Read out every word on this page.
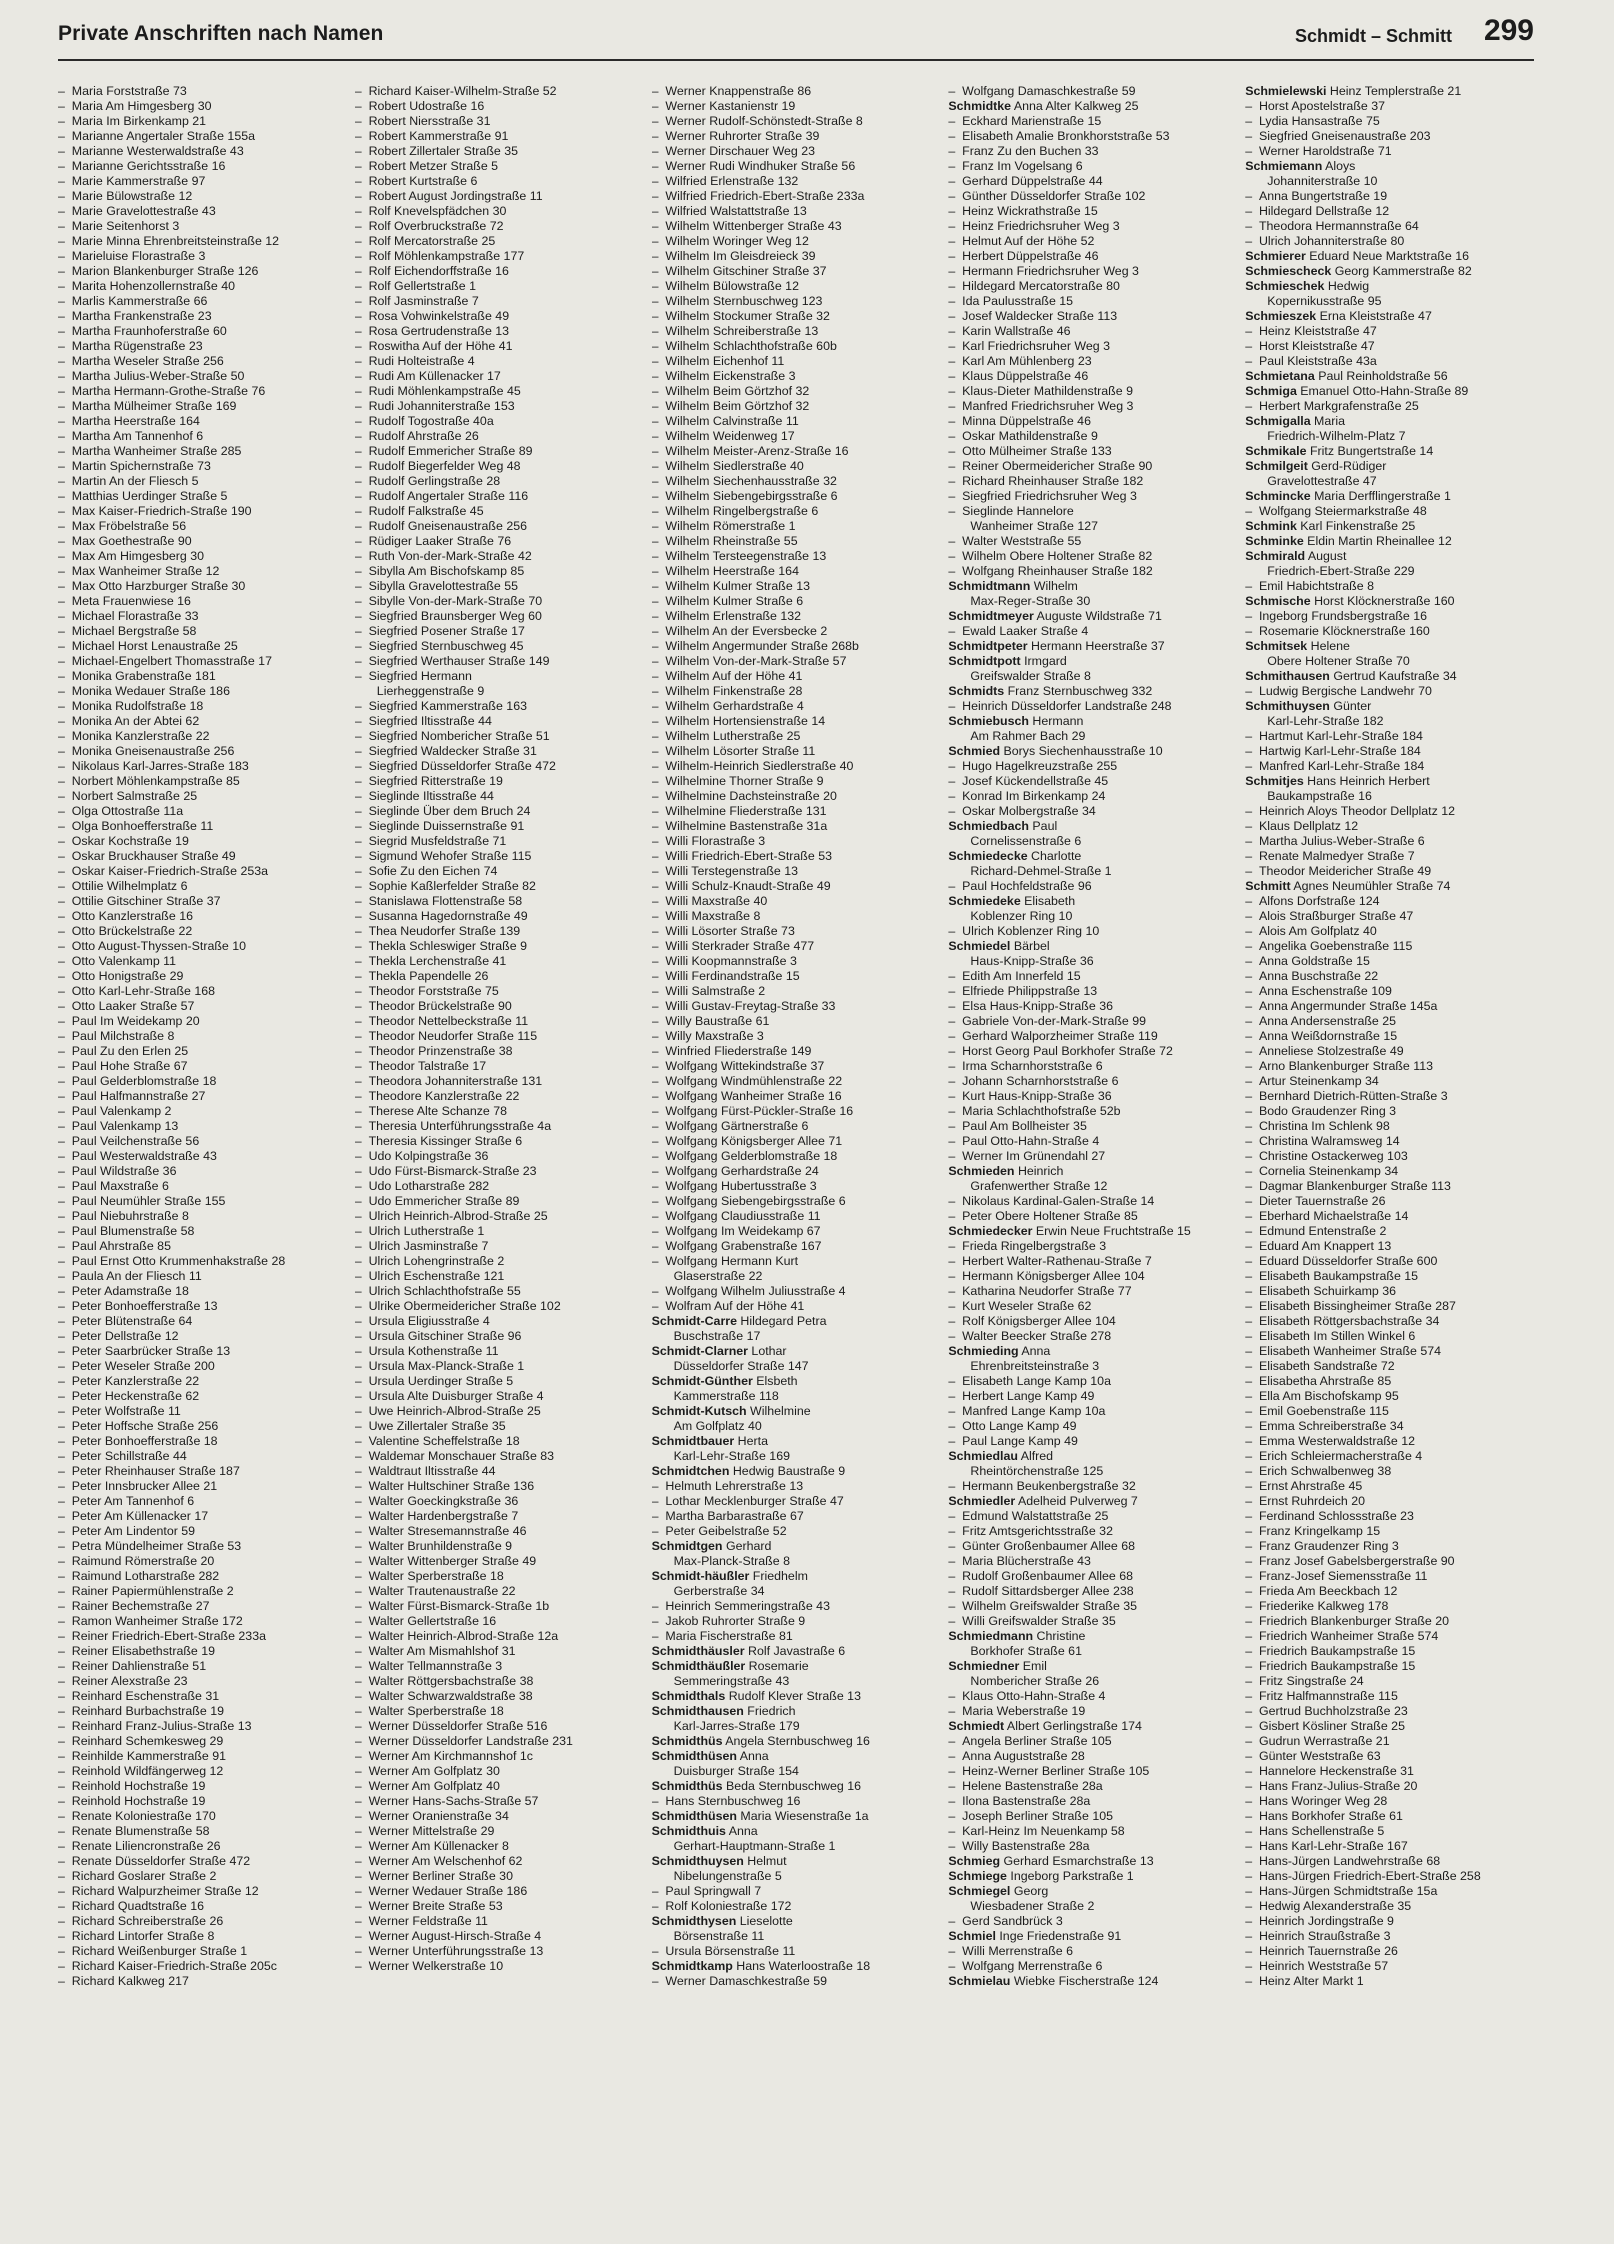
Private Anschriften nach Namen	Schmidt – Schmitt 299
–  Maria Forststraße 73
–  Maria Am Himgesberg 30
–  Maria Im Birkenkamp 21
–  Marianne Angertaler Straße 155a
–  Marianne Westerwaldstraße 43
–  Marianne Gerichtsstraße 16
–  Marie Kammerstraße 97
–  Marie Bülowstraße 12
–  Marie Gravelottestraße 43
–  Marie Seitenhorst 3
–  Marie Minna Ehrenbreitsteinstraße 12
–  Marieluise Florastraße 3
–  Marion Blankenburger Straße 126
–  Marita Hohenzollernstraße 40
–  Marlis Kammerstraße 66
–  Martha Frankenstraße 23
–  Martha Fraunhoferstraße 60
–  Martha Rügenstraße 23
–  Martha Weseler Straße 256
–  Martha Julius-Weber-Straße 50
–  Martha Hermann-Grothe-Straße 76
–  Martha Mülheimer Straße 169
–  Martha Heerstraße 164
–  Martha Am Tannenhof 6
–  Martha Wanheimer Straße 285
–  Martin Spichernstraße 73
–  Martin An der Fliesch 5
–  Matthias Uerdinger Straße 5
–  Max Kaiser-Friedrich-Straße 190
–  Max Fröbelstraße 56
–  Max Goethestraße 90
–  Max Am Himgesberg 30
–  Max Wanheimer Straße 12
–  Max Otto Harzburger Straße 30
–  Meta Frauenwiese 16
–  Michael Florastraße 33
–  Michael Bergstraße 58
–  Michael Horst Lenaustraße 25
–  Michael-Engelbert Thomasstraße 17
–  Monika Grabenstraße 181
–  Monika Wedauer Straße 186
–  Monika Rudolfstraße 18
–  Monika An der Abtei 62
–  Monika Kanzlerstraße 22
–  Monika Gneisenaustraße 256
–  Nikolaus Karl-Jarres-Straße 183
–  Norbert Möhlenkampstraße 85
–  Norbert Salmstraße 25
–  Olga Ottostraße 11a
–  Olga Bonhoefferstraße 11
–  Oskar Kochstraße 19
–  Oskar Bruckhauser Straße 49
–  Oskar Kaiser-Friedrich-Straße 253a
–  Ottilie Wilhelmplatz 6
–  Ottilie Gitschiner Straße 37
–  Otto Kanzlerstraße 16
–  Otto Brückelstraße 22
–  Otto August-Thyssen-Straße 10
–  Otto Valenkamp 11
–  Otto Honigstraße 29
–  Otto Karl-Lehr-Straße 168
–  Otto Laaker Straße 57
–  Paul Im Weidekamp 20
–  Paul Milchstraße 8
–  Paul Zu den Erlen 25
–  Paul Hohe Straße 67
–  Paul Gelderblomstraße 18
–  Paul Halfmannstraße 27
–  Paul Valenkamp 2
–  Paul Valenkamp 13
–  Paul Veilchenstraße 56
–  Paul Westerwaldstraße 43
–  Paul Wildstraße 36
–  Paul Maxstraße 6
–  Paul Neumühler Straße 155
–  Paul Niebuhrstraße 8
–  Paul Blumenstraße 58
–  Paul Ahrstraße 85
–  Paul Ernst Otto Krummenhakstraße 28
–  Paula An der Fliesch 11
–  Peter Adamstraße 18
–  Peter Bonhoefferstraße 13
–  Peter Blütenstraße 64
–  Peter Dellstraße 12
–  Peter Saarbrücker Straße 13
–  Peter Weseler Straße 200
–  Peter Kanzlerstraße 22
–  Peter Heckenstraße 62
–  Peter Wolfstraße 11
–  Peter Hoffsche Straße 256
–  Peter Bonhoefferstraße 18
–  Peter Schillstraße 44
–  Peter Rheinhauser Straße 187
–  Peter Innsbrucker Allee 21
–  Peter Am Tannenhof 6
–  Peter Am Küllenacker 17
–  Peter Am Lindentor 59
–  Petra Mündelheimer Straße 53
–  Raimund Römerstraße 20
–  Raimund Lotharstraße 282
–  Rainer Papiermühlenstraße 2
–  Rainer Bechemstraße 27
–  Ramon Wanheimer Straße 172
–  Reiner Friedrich-Ebert-Straße 233a
–  Reiner Elisabethstraße 19
–  Reiner Dahlienstraße 51
–  Reiner Alexstraße 23
–  Reinhard Eschenstraße 31
–  Reinhard Burbachstraße 19
–  Reinhard Franz-Julius-Straße 13
–  Reinhard Schemkesweg 29
–  Reinhilde Kammerstraße 91
–  Reinhold Wildfängerweg 12
–  Reinhold Hochstraße 19
–  Reinhold Hochstraße 19
–  Renate Koloniestraße 170
–  Renate Blumenstraße 58
–  Renate Liliencronstraße 26
–  Renate Düsseldorfer Straße 472
–  Richard Goslarer Straße 2
–  Richard Walpurzheimer Straße 12
–  Richard Quadtstraße 16
–  Richard Schreiberstraße 26
–  Richard Lintorfer Straße 8
–  Richard Weißenburger Straße 1
–  Richard Kaiser-Friedrich-Straße 205c
–  Richard Kalkweg 217
–  Richard Kaiser-Wilhelm-Straße 52
–  Robert Udostraße 16
–  Robert Niersstraße 31
–  Robert Kammerstraße 91
–  Robert Zillertaler Straße 35
–  Robert Metzer Straße 5
–  Robert Kurtstraße 6
–  Robert August Jordingstraße 11
–  Rolf Knevelspfädchen 30
–  Rolf Overbruckstraße 72
–  Rolf Mercatorstraße 25
–  Rolf Möhlenkampstraße 177
–  Rolf Eichendorffstraße 16
–  Rolf Gellertstraße 1
–  Rolf Jasminstraße 7
–  Rosa Vohwinkelstraße 49
–  Rosa Gertrudenstraße 13
–  Roswitha Auf der Höhe 41
–  Rudi Holteistraße 4
–  Rudi Am Küllenacker 17
–  Rudi Möhlenkampstraße 45
–  Rudi Johanniterstraße 153
–  Rudolf Togostraße 40a
–  Rudolf Ahrstraße 26
–  Rudolf Emmericher Straße 89
–  Rudolf Biegerfelder Weg 48
–  Rudolf Gerlingstraße 28
–  Rudolf Angertaler Straße 116
–  Rudolf Falkstraße 45
–  Rudolf Gneisenaustraße 256
–  Rüdiger Laaker Straße 76
–  Ruth Von-der-Mark-Straße 42
–  Sibylla Am Bischofskamp 85
–  Sibylla Gravelottestraße 55
–  Sibylle Von-der-Mark-Straße 70
–  Siegfried Braunsberger Weg 60
–  Siegfried Posener Straße 17
–  Siegfried Sternbuschweg 45
–  Siegfried Werthauser Straße 149
–  Siegfried Hermann
Lierheggenstraße 9
–  Siegfried Kammerstraße 163
–  Siegfried Iltisstraße 44
–  Siegfried Nombericher Straße 51
–  Siegfried Waldecker Straße 31
–  Siegfried Düsseldorfer Straße 472
–  Siegfried Ritterstraße 19
–  Sieglinde Iltisstraße 44
–  Sieglinde Über dem Bruch 24
–  Sieglinde Duissernstraße 91
–  Siegrid Musfeldstraße 71
–  Sigmund Wehofer Straße 115
–  Sofie Zu den Eichen 74
–  Sophie Kaßlerfelder Straße 82
–  Stanislawa Flottenstraße 58
–  Susanna Hagedornstraße 49
–  Thea Neudorfer Straße 139
–  Thekla Schleswiger Straße 9
–  Thekla Lerchenstraße 41
–  Thekla Papendelle 26
–  Theodor Forststraße 75
–  Theodor Brückelstraße 90
–  Theodor Nettelbeckstraße 11
–  Theodor Neudorfer Straße 115
–  Theodor Prinzenstraße 38
–  Theodor Talstraße 17
–  Theodora Johanniterstraße 131
–  Theodore Kanzlerstraße 22
–  Therese Alte Schanze 78
–  Theresia Unterführungsstraße 4a
–  Theresia Kissinger Straße 6
–  Udo Kolpingstraße 36
–  Udo Fürst-Bismarck-Straße 23
–  Udo Lotharstraße 282
–  Udo Emmericher Straße 89
–  Ulrich Heinrich-Albrod-Straße 25
–  Ulrich Lutherstraße 1
–  Ulrich Jasminstraße 7
–  Ulrich Lohengrinstraße 2
–  Ulrich Eschenstraße 121
–  Ulrich Schlachthofstraße 55
–  Ulrike Obermeidericher Straße 102
–  Ursula Eligiusstraße 4
–  Ursula Gitschiner Straße 96
–  Ursula Kothenstraße 11
–  Ursula Max-Planck-Straße 1
–  Ursula Uerdinger Straße 5
–  Ursula Alte Duisburger Straße 4
–  Uwe Heinrich-Albrod-Straße 25
–  Uwe Zillertaler Straße 35
–  Valentine Scheffelstraße 18
–  Waldemar Monschauer Straße 83
–  Waldtraut Iltisstraße 44
–  Walter Hultschiner Straße 136
–  Walter Goeckingkstraße 36
–  Walter Hardenbergstraße 7
–  Walter Stresemannstraße 46
–  Walter Brunhildenstraße 9
–  Walter Wittenberger Straße 49
–  Walter Sperberstraße 18
–  Walter Trautenaustraße 22
–  Walter Fürst-Bismarck-Straße 1b
–  Walter Gellertstraße 16
–  Walter Heinrich-Albrod-Straße 12a
–  Walter Am Mismahlshof 31
–  Walter Tellmannstraße 3
–  Walter Röttgersbachstraße 38
–  Walter Schwarzwaldstraße 38
–  Walter Sperberstraße 18
–  Werner Düsseldorfer Straße 516
–  Werner Düsseldorfer Landstraße 231
–  Werner Am Kirchmannshof 1c
–  Werner Am Golfplatz 30
–  Werner Am Golfplatz 40
–  Werner Hans-Sachs-Straße 57
–  Werner Oranienstraße 34
–  Werner Mittelstraße 29
–  Werner Am Küllenacker 8
–  Werner Am Welschenhof 62
–  Werner Berliner Straße 30
–  Werner Wedauer Straße 186
–  Werner Breite Straße 53
–  Werner Feldstraße 11
–  Werner August-Hirsch-Straße 4
–  Werner Unterführungsstraße 13
–  Werner Welkerstraße 10
–  Werner Knappenstraße 86
–  Werner Kastanienstr 19
–  Werner Rudolf-Schönstedt-Straße 8
–  Werner Ruhrorter Straße 39
–  Werner Dirschauer Weg 23
–  Werner Rudi Windhuker Straße 56
–  Wilfried Erlenstraße 132
–  Wilfried Friedrich-Ebert-Straße 233a
–  Wilfried Walstattstraße 13
–  Wilhelm Wittenberger Straße 43
–  Wilhelm Woringer Weg 12
–  Wilhelm Im Gleisdreieck 39
–  Wilhelm Gitschiner Straße 37
–  Wilhelm Bülowstraße 12
–  Wilhelm Sternbuschweg 123
–  Wilhelm Stockumer Straße 32
–  Wilhelm Schreiberstraße 13
–  Wilhelm Schlachthofstraße 60b
–  Wilhelm Eichenhof 11
–  Wilhelm Eickenstraße 3
–  Wilhelm Beim Görtzhof 32
–  Wilhelm Beim Görtzhof 32
–  Wilhelm Calvinstraße 11
–  Wilhelm Weidenweg 17
–  Wilhelm Meister-Arenz-Straße 16
–  Wilhelm Siedlerstraße 40
–  Wilhelm Siechenhausstraße 32
–  Wilhelm Siebengebirgsstraße 6
–  Wilhelm Ringelbergstraße 6
–  Wilhelm Römerstraße 1
–  Wilhelm Rheinstraße 55
–  Wilhelm Tersteegenstraße 13
–  Wilhelm Heerstraße 164
–  Wilhelm Kulmer Straße 13
–  Wilhelm Kulmer Straße 6
–  Wilhelm Erlenstraße 132
–  Wilhelm An der Eversbecke 2
–  Wilhelm Angermunder Straße 268b
–  Wilhelm Von-der-Mark-Straße 57
–  Wilhelm Auf der Höhe 41
–  Wilhelm Finkenstraße 28
–  Wilhelm Gerhardstraße 4
–  Wilhelm Hortensienstraße 14
–  Wilhelm Lutherstraße 25
–  Wilhelm Lösorter Straße 11
–  Wilhelm-Heinrich Siedlerstraße 40
–  Wilhelmine Thorner Straße 9
–  Wilhelmine Dachsteinstraße 20
–  Wilhelmine Fliederstraße 131
–  Wilhelmine Bastenstraße 31a
–  Willi Florastraße 3
–  Willi Friedrich-Ebert-Straße 53
–  Willi Terstegenstraße 13
–  Willi Schulz-Knaudt-Straße 49
–  Willi Maxstraße 40
–  Willi Maxstraße 8
–  Willi Lösorter Straße 73
–  Willi Sterkrader Straße 477
–  Willi Koopmannstraße 3
–  Willi Ferdinandstraße 15
–  Willi Salmstraße 2
–  Willi Gustav-Freytag-Straße 33
–  Willy Baustraße 61
–  Willy Maxstraße 3
–  Winfried Fliederstraße 149
–  Wolfgang Wittekindstraße 37
–  Wolfgang Windmühlenstraße 22
–  Wolfgang Wanheimer Straße 16
–  Wolfgang Fürst-Pückler-Straße 16
–  Wolfgang Gärtnerstraße 6
–  Wolfgang Königsberger Allee 71
–  Wolfgang Gelderblomstraße 18
–  Wolfgang Gerhardstraße 24
–  Wolfgang Hubertusstraße 3
–  Wolfgang Siebengebirgsstraße 6
–  Wolfgang Claudiusstraße 11
–  Wolfgang Im Weidekamp 67
–  Wolfgang Grabenstraße 167
–  Wolfgang Hermann Kurt
Glaserstraße 22
–  Wolfgang Wilhelm Juliusstraße 4
–  Wolfram Auf der Höhe 41
Schmidt-Carre Hildegard Petra
Buschstraße 17
Schmidt-Clarner Lothar
Düsseldorfer Straße 147
Schmidt-Günther Elsbeth
Kammerstraße 118
Schmidt-Kutsch Wilhelmine
Am Golfplatz 40
Schmidtbauer Herta
Karl-Lehr-Straße 169
Schmidtchen Hedwig Baustraße 9
–  Helmuth Lehrerstraße 13
–  Lothar Mecklenburger Straße 47
–  Martha Barbarastraße 67
–  Peter Geibelstraße 52
Schmidtgen Gerhard
Max-Planck-Straße 8
Schmidt-häußler Friedhelm
Gerberstraße 34
–  Heinrich Semmeringstraße 43
–  Jakob Ruhrorter Straße 9
–  Maria Fischerstraße 81
Schmidthäusler Rolf Javastraße 6
Schmidthäußler Rosemarie
Semmeringstraße 43
Schmidthals Rudolf Klever Straße 13
Schmidthausen Friedrich
Karl-Jarres-Straße 179
Schmidthüs Angela Sternbuschweg 16
Schmidthüsen Anna
Duisburger Straße 154
Schmidthüs Beda Sternbuschweg 16
–  Hans Sternbuschweg 16
Schmidthüsen Maria Wiesenstraße 1a
Schmidthuis Anna
Gerhart-Hauptmann-Straße 1
Schmidthuysen Helmut
Nibelungenstraße 5
–  Paul Springwall 7
–  Rolf Koloniestraße 172
Schmidthysen Lieselotte
Börsenstraße 11
–  Ursula Börsenstraße 11
Schmidtkamp Hans Waterloostraße 18
–  Werner Damaschkestraße 59
–  Wolfgang Damaschkestraße 59
Schmidtke Anna Alter Kalkweg 25
–  Eckhard Marienstraße 15
–  Elisabeth Amalie Bronkhorststraße 53
–  Franz Zu den Buchen 33
–  Franz Im Vogelsang 6
–  Gerhard Düppelstraße 44
–  Günther Düsseldorfer Straße 102
–  Heinz Wickrathstraße 15
–  Heinz Friedrichsruher Weg 3
–  Helmut Auf der Höhe 52
–  Herbert Düppelstraße 46
–  Hermann Friedrichsruher Weg 3
–  Hildegard Mercatorstraße 80
–  Ida Paulusstraße 15
–  Josef Waldecker Straße 113
–  Karin Wallstraße 46
–  Karl Friedrichsruher Weg 3
–  Karl Am Mühlenberg 23
–  Klaus Düppelstraße 46
–  Klaus-Dieter Mathildenstraße 9
–  Manfred Friedrichsruher Weg 3
–  Minna Düppelstraße 46
–  Oskar Mathildenstraße 9
–  Otto Mülheimer Straße 133
–  Reiner Obermeidericher Straße 90
–  Richard Rheinhauser Straße 182
–  Siegfried Friedrichsruher Weg 3
–  Sieglinde Hannelore
Wanheimer Straße 127
–  Walter Weststraße 55
–  Wilhelm Obere Holtener Straße 82
–  Wolfgang Rheinhauser Straße 182
Schmidtmann Wilhelm
Max-Reger-Straße 30
Schmidtmeyer Auguste Wildstraße 71
–  Ewald Laaker Straße 4
Schmidtpeter Hermann Heerstraße 37
Schmidtpott Irmgard
Greifswalder Straße 8
Schmidts Franz Sternbuschweg 332
–  Heinrich Düsseldorfer Landstraße 248
Schmiebusch Hermann
Am Rahmer Bach 29
Schmied Borys Siechenhausstraße 10
–  Hugo Hagelkreuzstraße 255
–  Josef Kückendellstraße 45
–  Konrad Im Birkenkamp 24
–  Oskar Molbergstraße 34
Schmiedbach Paul
Cornelissenstraße 6
Schmiedecke Charlotte
Richard-Dehmel-Straße 1
–  Paul Hochfeldstraße 96
Schmiedeke Elisabeth
Koblenzer Ring 10
–  Ulrich Koblenzer Ring 10
Schmiedel Bärbel
Haus-Knipp-Straße 36
–  Edith Am Innerfeld 15
–  Elfriede Philippstraße 13
–  Elsa Haus-Knipp-Straße 36
–  Gabriele Von-der-Mark-Straße 99
–  Gerhard Walporzheimer Straße 119
–  Horst Georg Paul Borkhofer Straße 72
–  Irma Scharnhorststraße 6
–  Johann Scharnhorststraße 6
–  Kurt Haus-Knipp-Straße 36
–  Maria Schlachthofstraße 52b
–  Paul Am Bollheister 35
–  Paul Otto-Hahn-Straße 4
–  Werner Im Grünendahl 27
Schmieden Heinrich
Grafenwerther Straße 12
–  Nikolaus Kardinal-Galen-Straße 14
–  Peter Obere Holtener Straße 85
Schmiedecker Erwin Neue Fruchtstraße 15
–  Frieda Ringelbergstraße 3
–  Herbert Walter-Rathenau-Straße 7
–  Hermann Königsberger Allee 104
–  Katharina Neudorfer Straße 77
–  Kurt Weseler Straße 62
–  Rolf Königsberger Allee 104
–  Walter Beecker Straße 278
Schmieding Anna
Ehrenbreitsteinstraße 3
–  Elisabeth Lange Kamp 10a
–  Herbert Lange Kamp 49
–  Manfred Lange Kamp 10a
–  Otto Lange Kamp 49
–  Paul Lange Kamp 49
Schmiedlau Alfred
Rheintörchenstraße 125
–  Hermann Beukenbergstraße 32
Schmiedler Adelheid Pulverweg 7
–  Edmund Walstattstraße 25
–  Fritz Amtsgerichtsstraße 32
–  Günter Großenbaumer Allee 68
–  Maria Blücherstraße 43
–  Rudolf Großenbaumer Allee 68
–  Rudolf Sittardsberger Allee 238
–  Wilhelm Greifswalder Straße 35
–  Willi Greifswalder Straße 35
Schmiedmann Christine
Borkhofer Straße 61
Schmiedner Emil
Nombericher Straße 26
–  Klaus Otto-Hahn-Straße 4
–  Maria Weberstraße 19
Schmiedt Albert Gerlingstraße 174
–  Angela Berliner Straße 105
–  Anna Auguststraße 28
–  Heinz-Werner Berliner Straße 105
–  Helene Bastenstraße 28a
–  Ilona Bastenstraße 28a
–  Joseph Berliner Straße 105
–  Karl-Heinz Im Neuenkamp 58
–  Willy Bastenstraße 28a
Schmieg Gerhard Esmarchstraße 13
Schmiege Ingeborg Parkstraße 1
Schmiegel Georg
Wiesbadener Straße 2
–  Gerd Sandbrück 3
Schmiel Inge Friedenstraße 91
–  Willi Merrenstraße 6
–  Wolfgang Merrenstraße 6
Schmielau Wiebke Fischerstraße 124
Schmielewski Heinz Templerstraße 21
–  Horst Apostelstraße 37
–  Lydia Hansastraße 75
–  Siegfried Gneisenaustraße 203
–  Werner Haroldstraße 71
Schmiemann Aloys
Johanniterstraße 10
–  Anna Bungertstraße 19
–  Hildegard Dellstraße 12
–  Theodora Hermannstraße 64
–  Ulrich Johanniterstraße 80
Schmierer Eduard Neue Marktstraße 16
Schmiescheck Georg Kammerstraße 82
Schmieschek Hedwig
Kopernikusstraße 95
Schmieszek Erna Kleiststraße 47
–  Heinz Kleiststraße 47
–  Horst Kleiststraße 47
–  Paul Kleiststraße 43a
Schmietana Paul Reinholdstraße 56
Schmiga Emanuel Otto-Hahn-Straße 89
–  Herbert Markgrafenstraße 25
Schmigalla Maria
Friedrich-Wilhelm-Platz 7
Schmikale Fritz Bungertstraße 14
Schmilgeit Gerd-Rüdiger
Gravelottestraße 47
Schmincke Maria Derfflingerstraße 1
–  Wolfgang Steiermarkstraße 48
Schmink Karl Finkenstraße 25
Schminke Eldin Martin Rheinallee 12
Schmirald August
Friedrich-Ebert-Straße 229
–  Emil Habichtstraße 8
Schmische Horst Klöcknerstraße 160
–  Ingeborg Frundsbergstraße 16
–  Rosemarie Klöcknerstraße 160
Schmitsek Helene
Obere Holtener Straße 70
Schmithausen Gertrud Kaufstraße 34
–  Ludwig Bergische Landwehr 70
Schmithuysen Günter
Karl-Lehr-Straße 182
–  Hartmut Karl-Lehr-Straße 184
–  Hartwig Karl-Lehr-Straße 184
–  Manfred Karl-Lehr-Straße 184
Schmitjes Hans Heinrich Herbert
Baukampstraße 16
–  Heinrich Aloys Theodor Dellplatz 12
–  Klaus Dellplatz 12
–  Martha Julius-Weber-Straße 6
–  Renate Malmedyer Straße 7
–  Theodor Meidericher Straße 49
Schmitt Agnes Neumühler Straße 74
–  Alfons Dorfstraße 124
–  Alois Straßburger Straße 47
–  Alois Am Golfplatz 40
–  Angelika Goebenstraße 115
–  Anna Goldstraße 15
–  Anna Buschstraße 22
–  Anna Eschenstraße 109
–  Anna Angermunder Straße 145a
–  Anna Andersenstraße 25
–  Anna Weißdornstraße 15
–  Anneliese Stolzestraße 49
–  Arno Blankenburger Straße 113
–  Artur Steinenkamp 34
–  Bernhard Dietrich-Rütten-Straße 3
–  Bodo Graudenzer Ring 3
–  Christina Im Schlenk 98
–  Christina Walramsweg 14
–  Christine Ostackerweg 103
–  Cornelia Steinenkamp 34
–  Dagmar Blankenburger Straße 113
–  Dieter Tauernstraße 26
–  Eberhard Michaelstraße 14
–  Edmund Entenstraße 2
–  Eduard Am Knappert 13
–  Eduard Düsseldorfer Straße 600
–  Elisabeth Baukampstraße 15
–  Elisabeth Schuirkamp 36
–  Elisabeth Bissingheimer Straße 287
–  Elisabeth Röttgersbachstraße 34
–  Elisabeth Im Stillen Winkel 6
–  Elisabeth Wanheimer Straße 574
–  Elisabeth Sandstraße 72
–  Elisabetha Ahrstraße 85
–  Ella Am Bischofskamp 95
–  Emil Goebenstraße 115
–  Emma Schreiberstraße 34
–  Emma Westerwaldstraße 12
–  Erich Schleiermacherstraße 4
–  Erich Schwalbenweg 38
–  Ernst Ahrstraße 45
–  Ernst Ruhrdeich 20
–  Ferdinand Schlossstraße 23
–  Franz Kringelkamp 15
–  Franz Graudenzer Ring 3
–  Franz Josef Gabelsbergerstraße 90
–  Franz-Josef Siemensstraße 11
–  Frieda Am Beeckbach 12
–  Friederike Kalkweg 178
–  Friedrich Blankenburger Straße 20
–  Friedrich Wanheimer Straße 574
–  Friedrich Baukampstraße 15
–  Friedrich Baukampstraße 15
–  Fritz Singstraße 24
–  Fritz Halfmannstraße 115
–  Gertrud Buchholzstraße 23
–  Gisbert Kösliner Straße 25
–  Gudrun Werrastraße 21
–  Günter Weststraße 63
–  Hannelore Heckenstraße 31
–  Hans Franz-Julius-Straße 20
–  Hans Woringer Weg 28
–  Hans Borkhofer Straße 61
–  Hans Schellenstraße 5
–  Hans Karl-Lehr-Straße 167
–  Hans-Jürgen Landwehrstraße 68
–  Hans-Jürgen Friedrich-Ebert-Straße 258
–  Hans-Jürgen Schmidtstraße 15a
–  Hedwig Alexanderstraße 35
–  Heinrich Jordingstraße 9
–  Heinrich Straußstraße 3
–  Heinrich Tauernstraße 26
–  Heinrich Weststraße 57
–  Heinz Alter Markt 1
